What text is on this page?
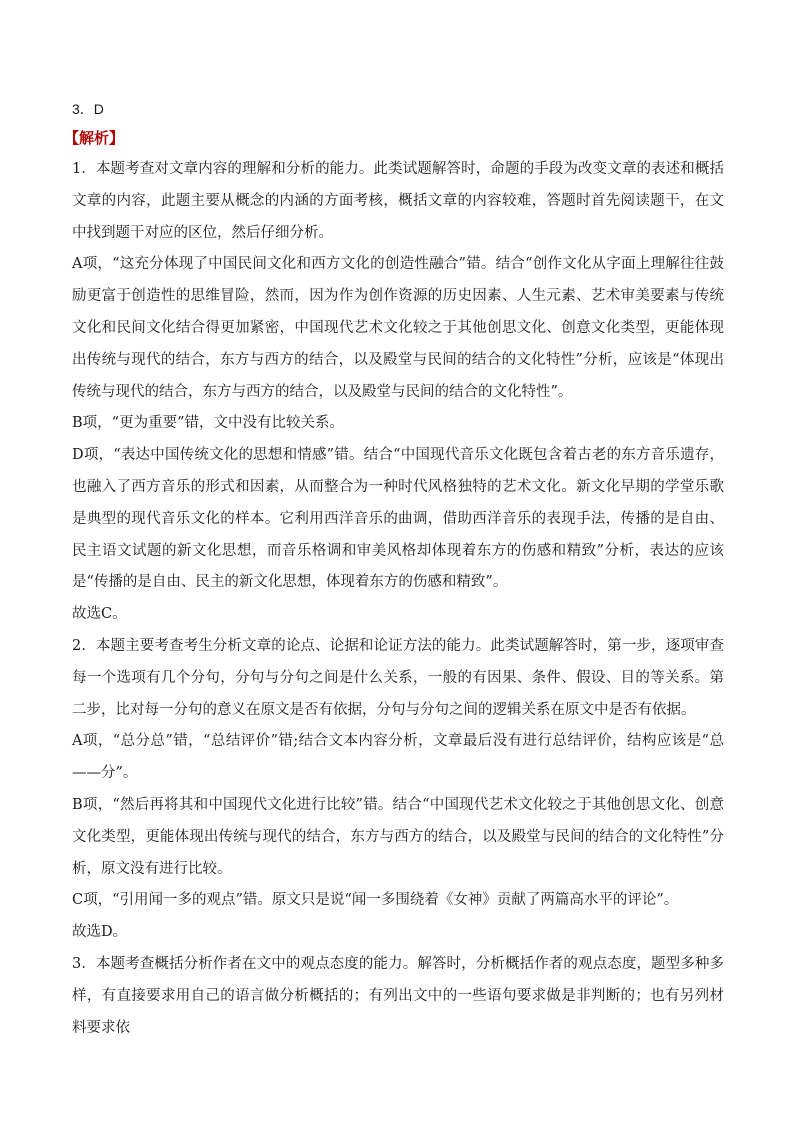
3．D

【解析】

1．本题考查对文章内容的理解和分析的能力。此类试题解答时，命题的手段为改变文章的表述和概括文章的内容，此题主要从概念的内涵的方面考核，概括文章的内容较难，答题时首先阅读题干，在文中找到题干对应的区位，然后仔细分析。

A项，“这充分体现了中国民间文化和西方文化的创造性融合”错。结合“创作文化从字面上理解往往鼓励更富于创造性的思维冒险，然而，因为作为创作资源的历史因素、人生元素、艺术审美要素与传统文化和民间文化结合得更加紧密，中国现代艺术文化较之于其他创思文化、创意文化类型，更能体现出传统与现代的结合，东方与西方的结合，以及殿堂与民间的结合的文化特性”分析，应该是“体现出传统与现代的结合，东方与西方的结合，以及殿堂与民间的结合的文化特性”。

B项，“更为重要”错，文中没有比较关系。

D项，“表达中国传统文化的思想和情感”错。结合“中国现代音乐文化既包含着古老的东方音乐遗存，也融入了西方音乐的形式和因素，从而整合为一种时代风格独特的艺术文化。新文化早期的学堂乐歌是典型的现代音乐文化的样本。它利用西洋音乐的曲调，借助西洋音乐的表现手法，传播的是自由、民主语文试题的新文化思想，而音乐格调和审美风格却体现着东方的伤感和精致”分析，表达的应该是“传播的是自由、民主的新文化思想，体现着东方的伤感和精致”。

故选C。

2．本题主要考查考生分析文章的论点、论据和论证方法的能力。此类试题解答时，第一步，逐项审查每一个选项有几个分句，分句与分句之间是什么关系，一般的有因果、条件、假设、目的等关系。第二步，比对每一分句的意义在原文是否有依据，分句与分句之间的逻辑关系在原文中是否有依据。

A项，“总分总”错，“总结评价”错;结合文本内容分析，文章最后没有进行总结评价，结构应该是“总——分”。

B项，“然后再将其和中国现代文化进行比较”错。结合“中国现代艺术文化较之于其他创思文化、创意文化类型，更能体现出传统与现代的结合，东方与西方的结合，以及殿堂与民间的结合的文化特性”分析，原文没有进行比较。

C项，“引用闻一多的观点”错。原文只是说“闻一多围绕着《女神》贡献了两篇高水平的评论”。

故选D。

3．本题考查概括分析作者在文中的观点态度的能力。解答时，分析概括作者的观点态度，题型多种多样，有直接要求用自己的语言做分析概括的；有列出文中的一些语句要求做是非判断的；也有另列材料要求依
